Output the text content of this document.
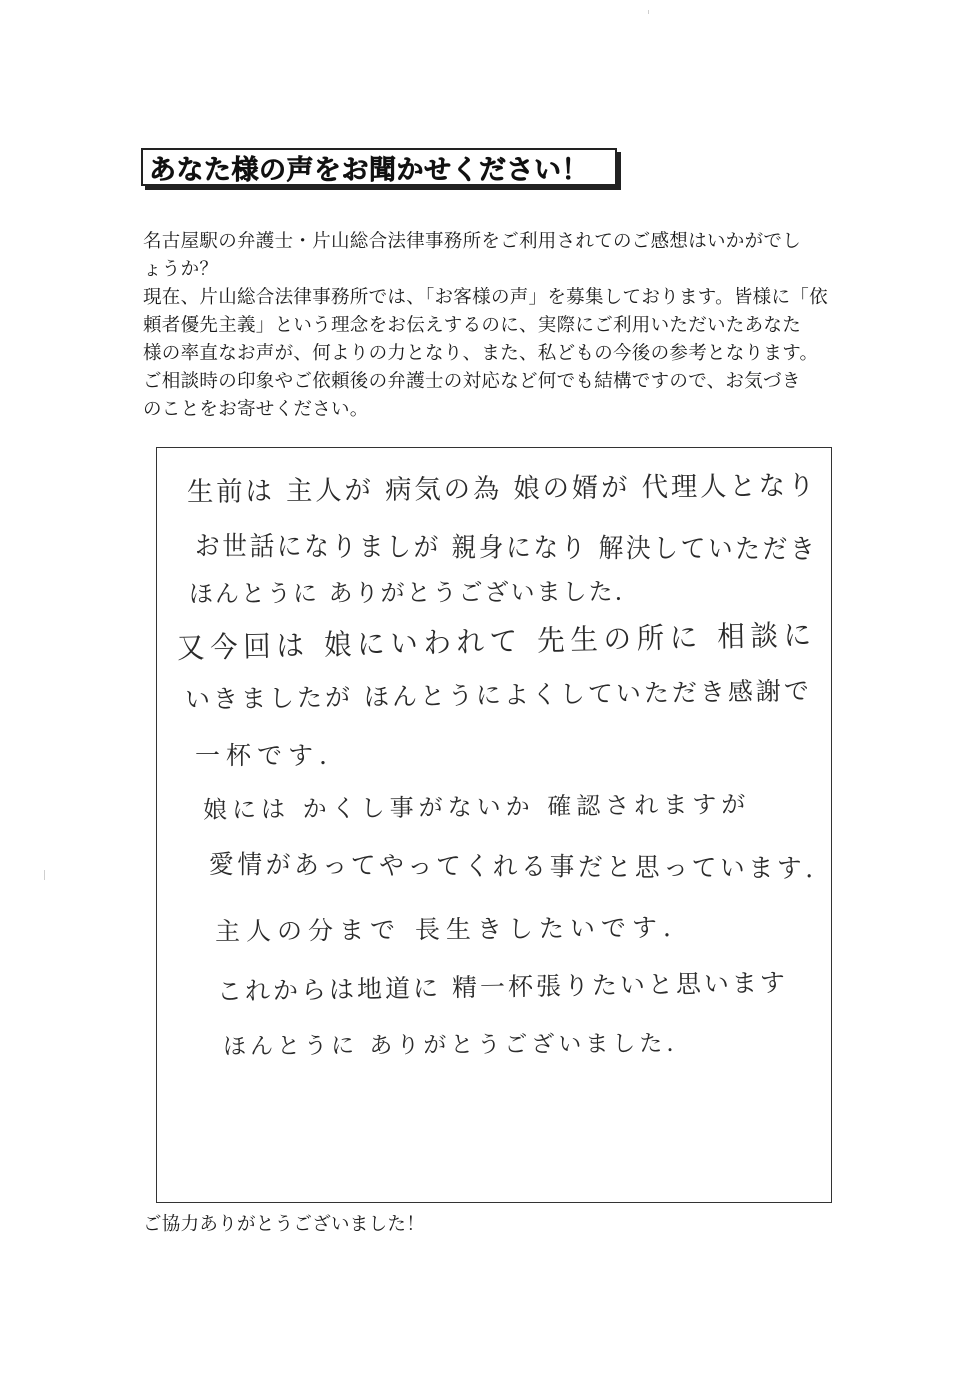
あなた様の声をお聞かせください！

名古屋駅の弁護士・片山総合法律事務所をご利用されてのご感想はいかがでし

ょうか？

現在、片山総合法律事務所では、「お客様の声」を募集しております。皆様に「依

頼者優先主義」という理念をお伝えするのに、実際にご利用いただいたあなた

様の率直なお声が、何よりの力となり、また、私どもの今後の参考となります。

ご相談時の印象やご依頼後の弁護士の対応など何でも結構ですので、お気づき

のことをお寄せください。

生前は 主人が 病気の為 娘の婿が 代理人となり

お世話になりましが 親身になり 解決していただき

ほんとうに ありがとうございました.

又今回は 娘にいわれて 先生の所に 相談に

いきましたが ほんとうによくしていただき感謝で

一杯です.

娘には かくし事がないか 確認されますが

愛情があってやってくれる事だと思っています.

主人の分まで 長生きしたいです.

これからは地道に 精一杯張りたいと思います

ほんとうに ありがとうございました.

ご協力ありがとうございました！
